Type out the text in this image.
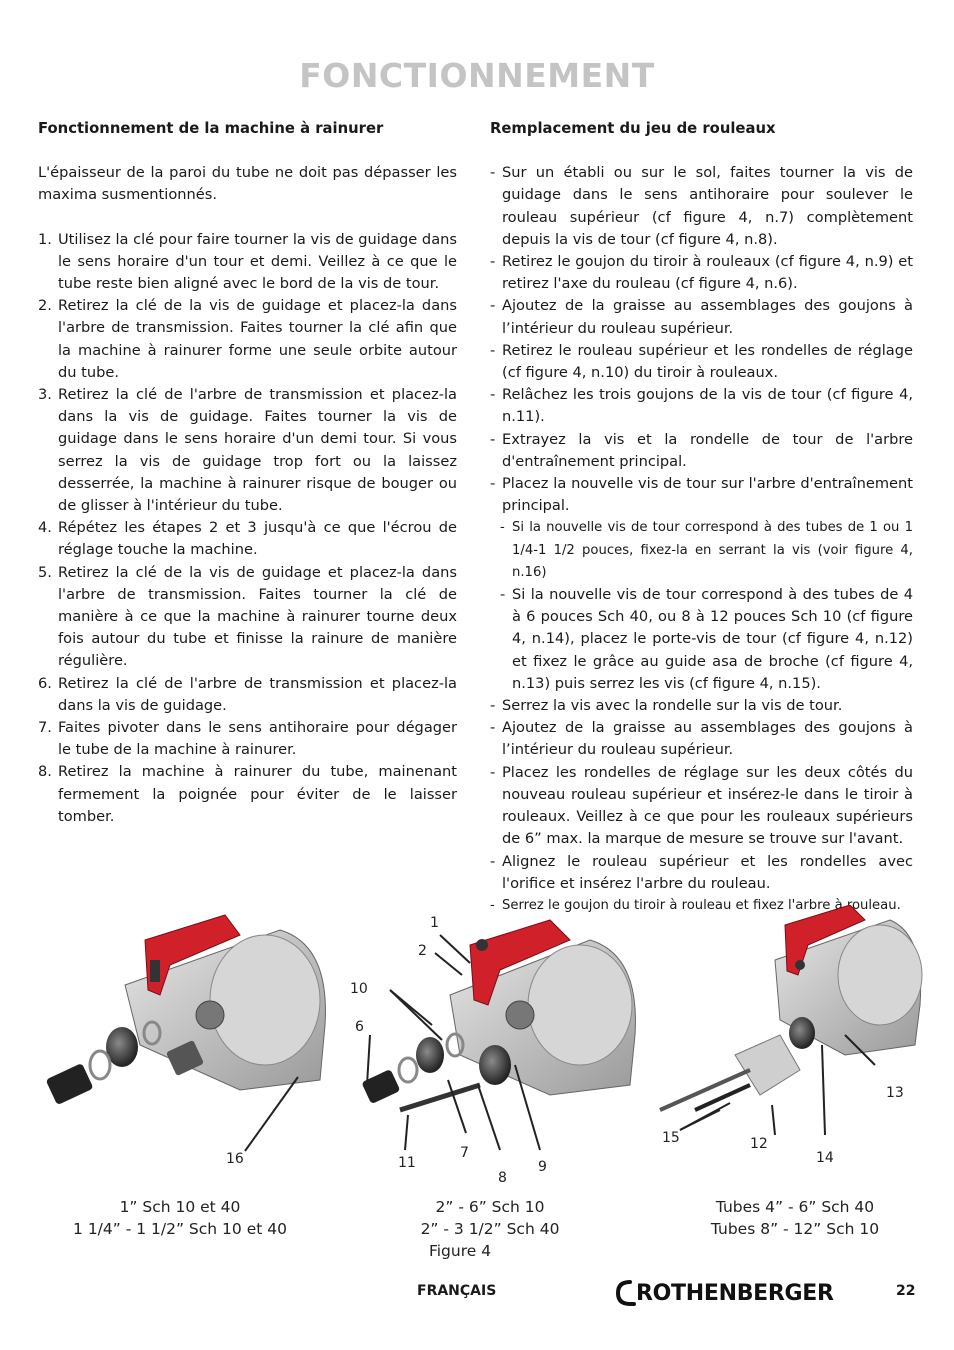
FONCTIONNEMENT
Fonctionnement de la machine à rainurer
L'épaisseur de la paroi du tube ne doit pas dépasser les maxima susmentionnés.
1. Utilisez la clé pour faire tourner la vis de guidage dans le sens horaire d'un tour et demi. Veillez à ce que le tube reste bien aligné avec le bord de la vis de tour.
2. Retirez la clé de la vis de guidage et placez-la dans l'arbre de transmission. Faites tourner la clé afin que la machine à rainurer forme une seule orbite autour du tube.
3. Retirez la clé de l'arbre de transmission et placez-la dans la vis de guidage. Faites tourner la vis de guidage dans le sens horaire d'un demi tour. Si vous serrez la vis de guidage trop fort ou la laissez desserrée, la machine à rainurer risque de bouger ou de glisser à l'intérieur du tube.
4. Répétez les étapes 2 et 3 jusqu'à ce que l'écrou de réglage touche la machine.
5. Retirez la clé de la vis de guidage et placez-la dans l'arbre de transmission. Faites tourner la clé de manière à ce que la machine à rainurer tourne deux fois autour du tube et finisse la rainure de manière régulière.
6. Retirez la clé de l'arbre de transmission et placez-la dans la vis de guidage.
7. Faites pivoter dans le sens antihoraire pour dégager le tube de la machine à rainurer.
8. Retirez la machine à rainurer du tube, mainenant fermement la poignée pour éviter de le laisser tomber.
Remplacement du jeu de rouleaux
- Sur un établi ou sur le sol, faites tourner la vis de guidage dans le sens antihoraire pour soulever le rouleau supérieur (cf figure 4, n.7) complètement depuis la vis de tour (cf figure 4, n.8).
- Retirez le goujon du tiroir à rouleaux (cf figure 4, n.9) et retirez l'axe du rouleau (cf figure 4, n.6).
- Ajoutez de la graisse au assemblages des goujons à l’intérieur du rouleau supérieur.
- Retirez le rouleau supérieur et les rondelles de réglage (cf figure 4, n.10) du tiroir à rouleaux.
- Relâchez les trois goujons de la vis de tour (cf figure 4, n.11).
- Extrayez la vis et la rondelle de tour de l'arbre d'entraînement principal.
- Placez la nouvelle vis de tour sur l'arbre d'entraînement principal.
- Si la nouvelle vis de tour correspond à des tubes de 1 ou 1 1/4-1 1/2 pouces, fixez-la en serrant la vis (voir figure 4, n.16)
- Si la nouvelle vis de tour correspond à des tubes de 4 à 6 pouces Sch 40, ou 8 à 12 pouces Sch 10 (cf figure 4, n.14), placez le porte-vis de tour (cf figure 4, n.12) et fixez le grâce au guide asa de broche (cf figure 4, n.13) puis serrez les vis (cf figure 4, n.15).
- Serrez la vis avec la rondelle sur la vis de tour.
- Ajoutez de la graisse au assemblages des goujons à l’intérieur du rouleau supérieur.
- Placez les rondelles de réglage sur les deux côtés du nouveau rouleau supérieur et insérez-le dans le tiroir à rouleaux. Veillez à ce que pour les rouleaux supérieurs de 6” max. la marque de mesure se trouve sur l'avant.
- Alignez le rouleau supérieur et les rondelles avec l'orifice et insérez l'arbre du rouleau.
- Serrez le goujon du tiroir à rouleau et fixez l'arbre à rouleau.
1
2
10
6
7
8
9
11
16
13
15	12
14
1” Sch 10 et 40
1 1/4” - 1 1/2” Sch 10 et 40
2” - 6” Sch 10
2” - 3 1/2” Sch 40
Figure 4
Tubes 4” - 6” Sch 40
Tubes 8” - 12” Sch 10
FRANÇAIS	ROTHENBERGER	22
